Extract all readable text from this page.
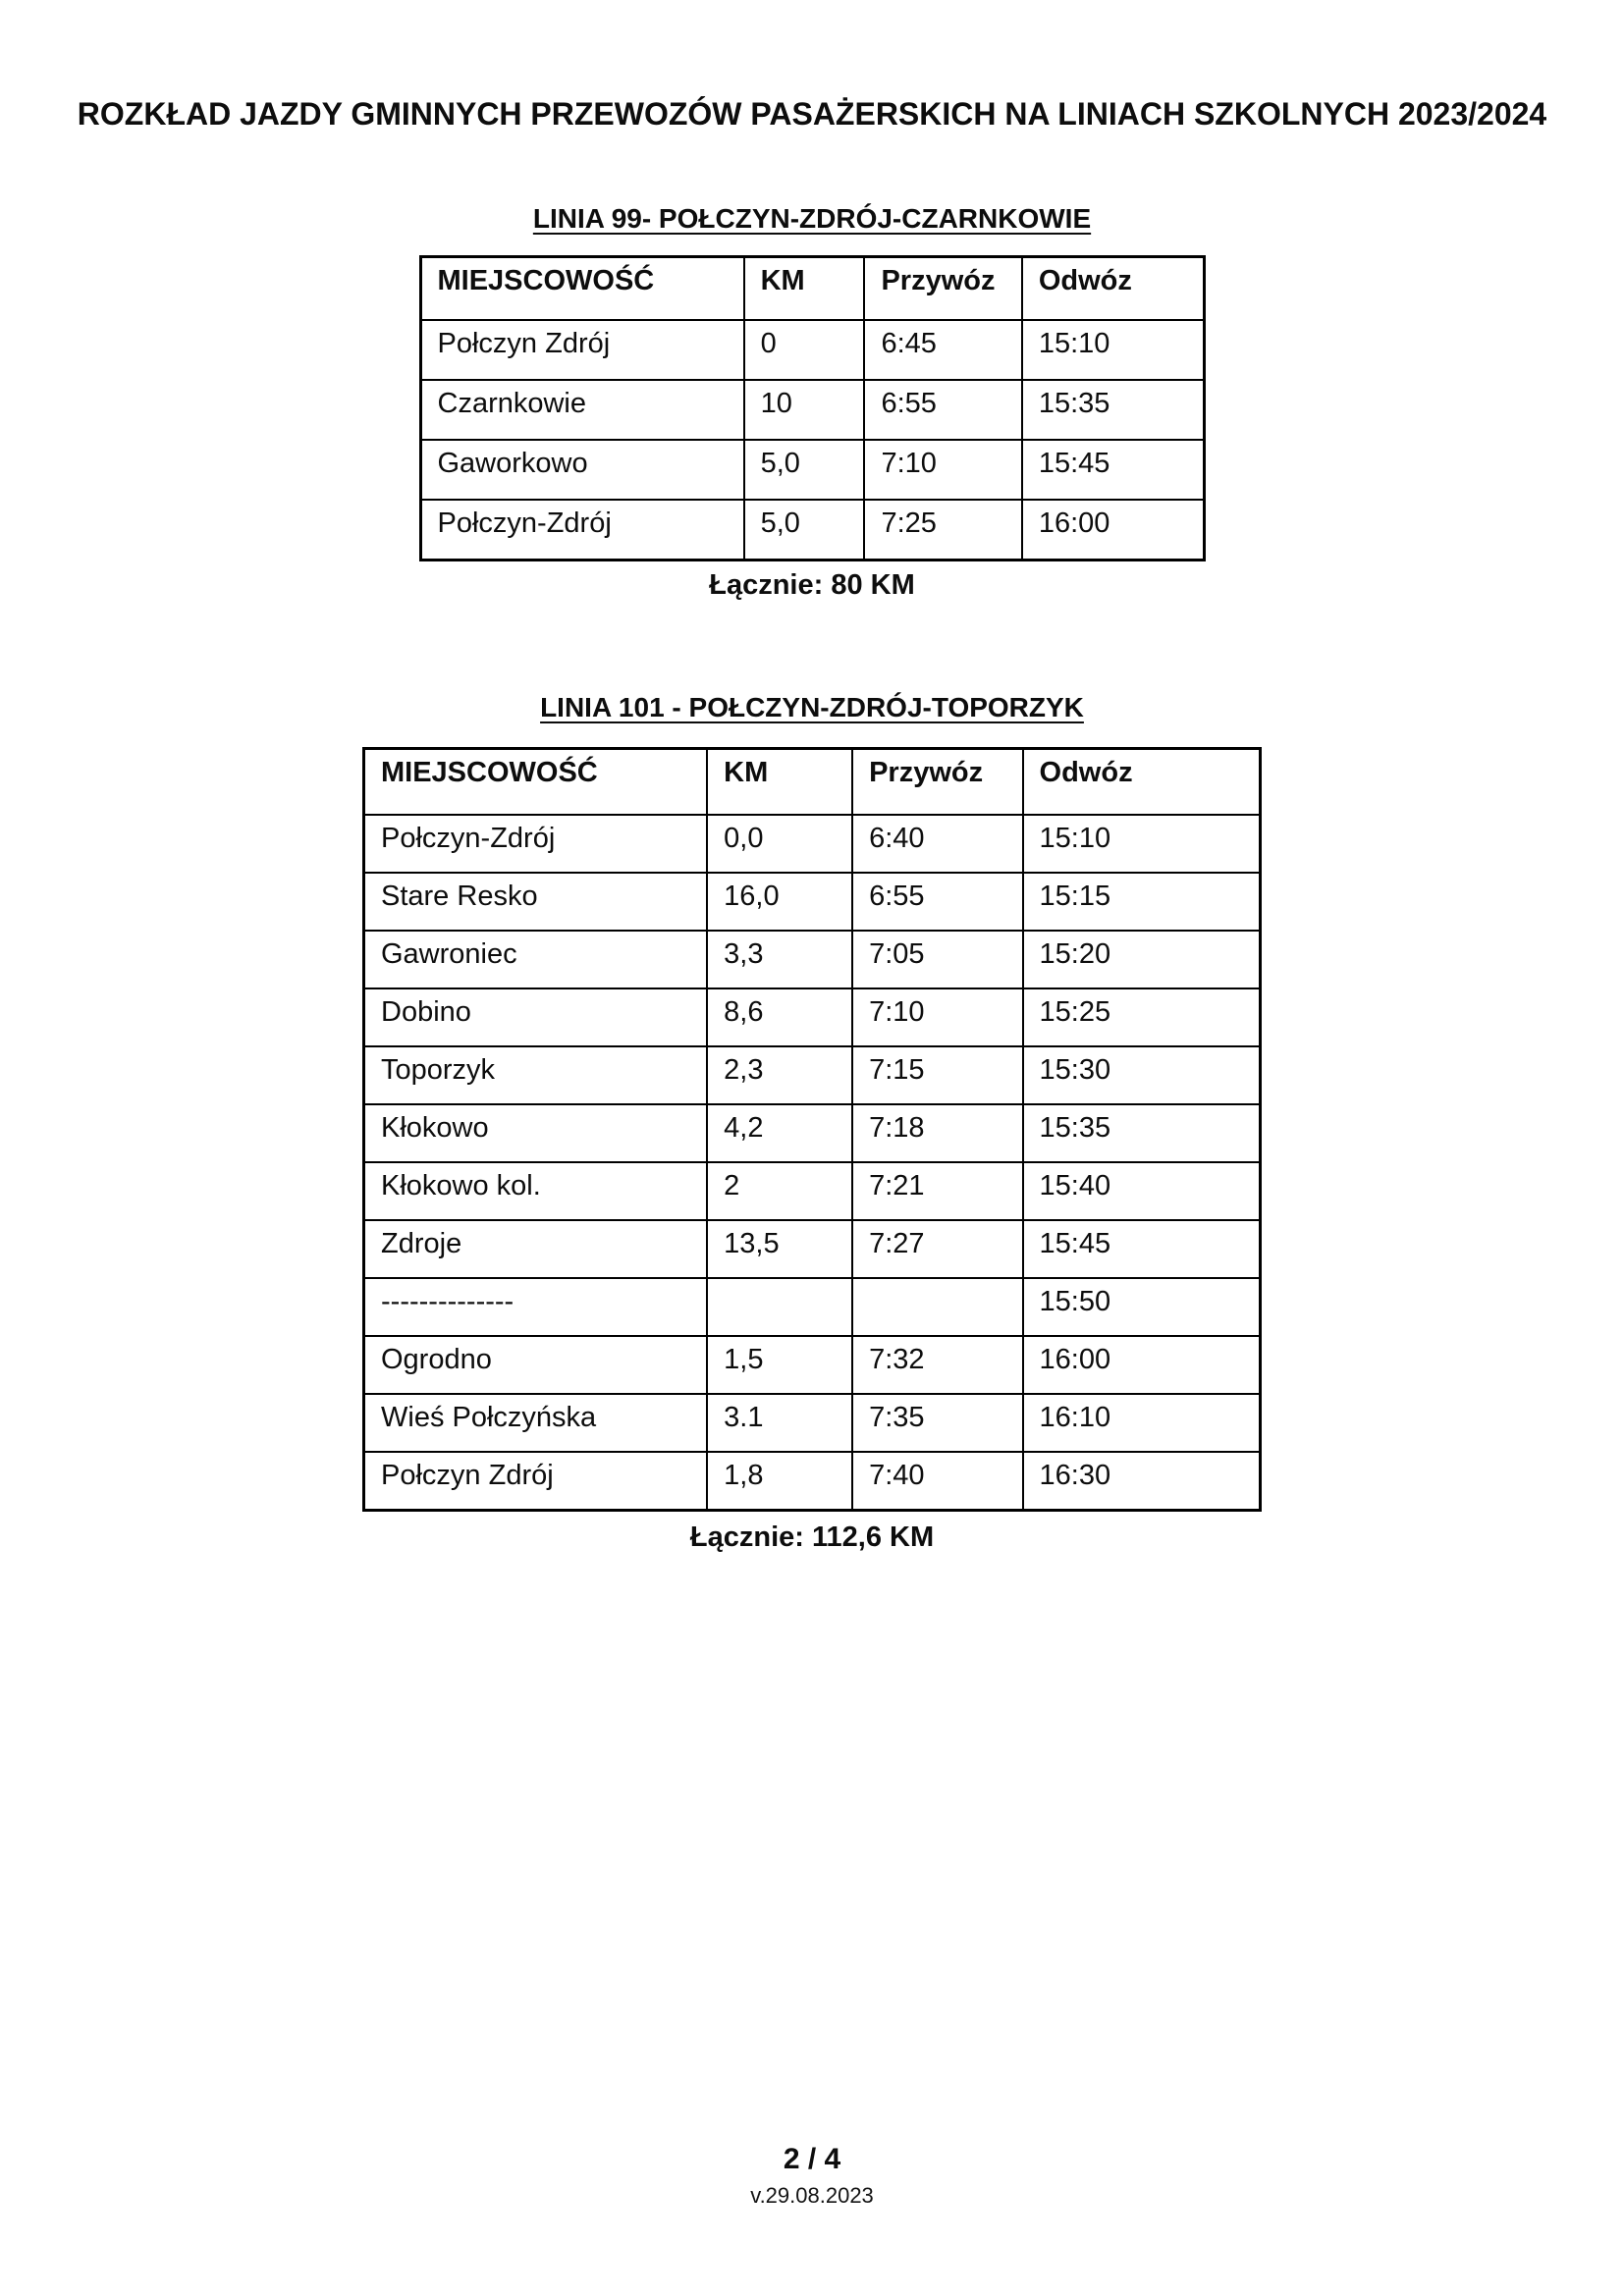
ROZKŁAD JAZDY GMINNYCH PRZEWOZÓW PASAŻERSKICH NA LINIACH SZKOLNYCH 2023/2024
LINIA 99- POŁCZYN-ZDRÓJ-CZARNKOWIE
MIEJSCOWOŚĆ	KM	Przywóz	Odwóz
Połczyn Zdrój	0	6:45	15:10
Czarnkowie	10	6:55	15:35
Gaworkowo	5,0	7:10	15:45
Połczyn-Zdrój	5,0	7:25	16:00

Łącznie: 80 KM

LINIA 101 - POŁCZYN-ZDRÓJ-TOPORZYK
MIEJSCOWOŚĆ	KM	Przywóz	Odwóz
Połczyn-Zdrój	0,0	6:40	15:10
Stare Resko	16,0	6:55	15:15
Gawroniec	3,3	7:05	15:20
Dobino	8,6	7:10	15:25
Toporzyk	2,3	7:15	15:30
Kłokowo	4,2	7:18	15:35
Kłokowo kol.	2	7:21	15:40
Zdroje	13,5	7:27	15:45
--------------			15:50
Ogrodno	1,5	7:32	16:00
Wieś Połczyńska	3.1	7:35	16:10
Połczyn Zdrój	1,8	7:40	16:30

Łącznie: 112,6 KM

2 / 4
v.29.08.2023
